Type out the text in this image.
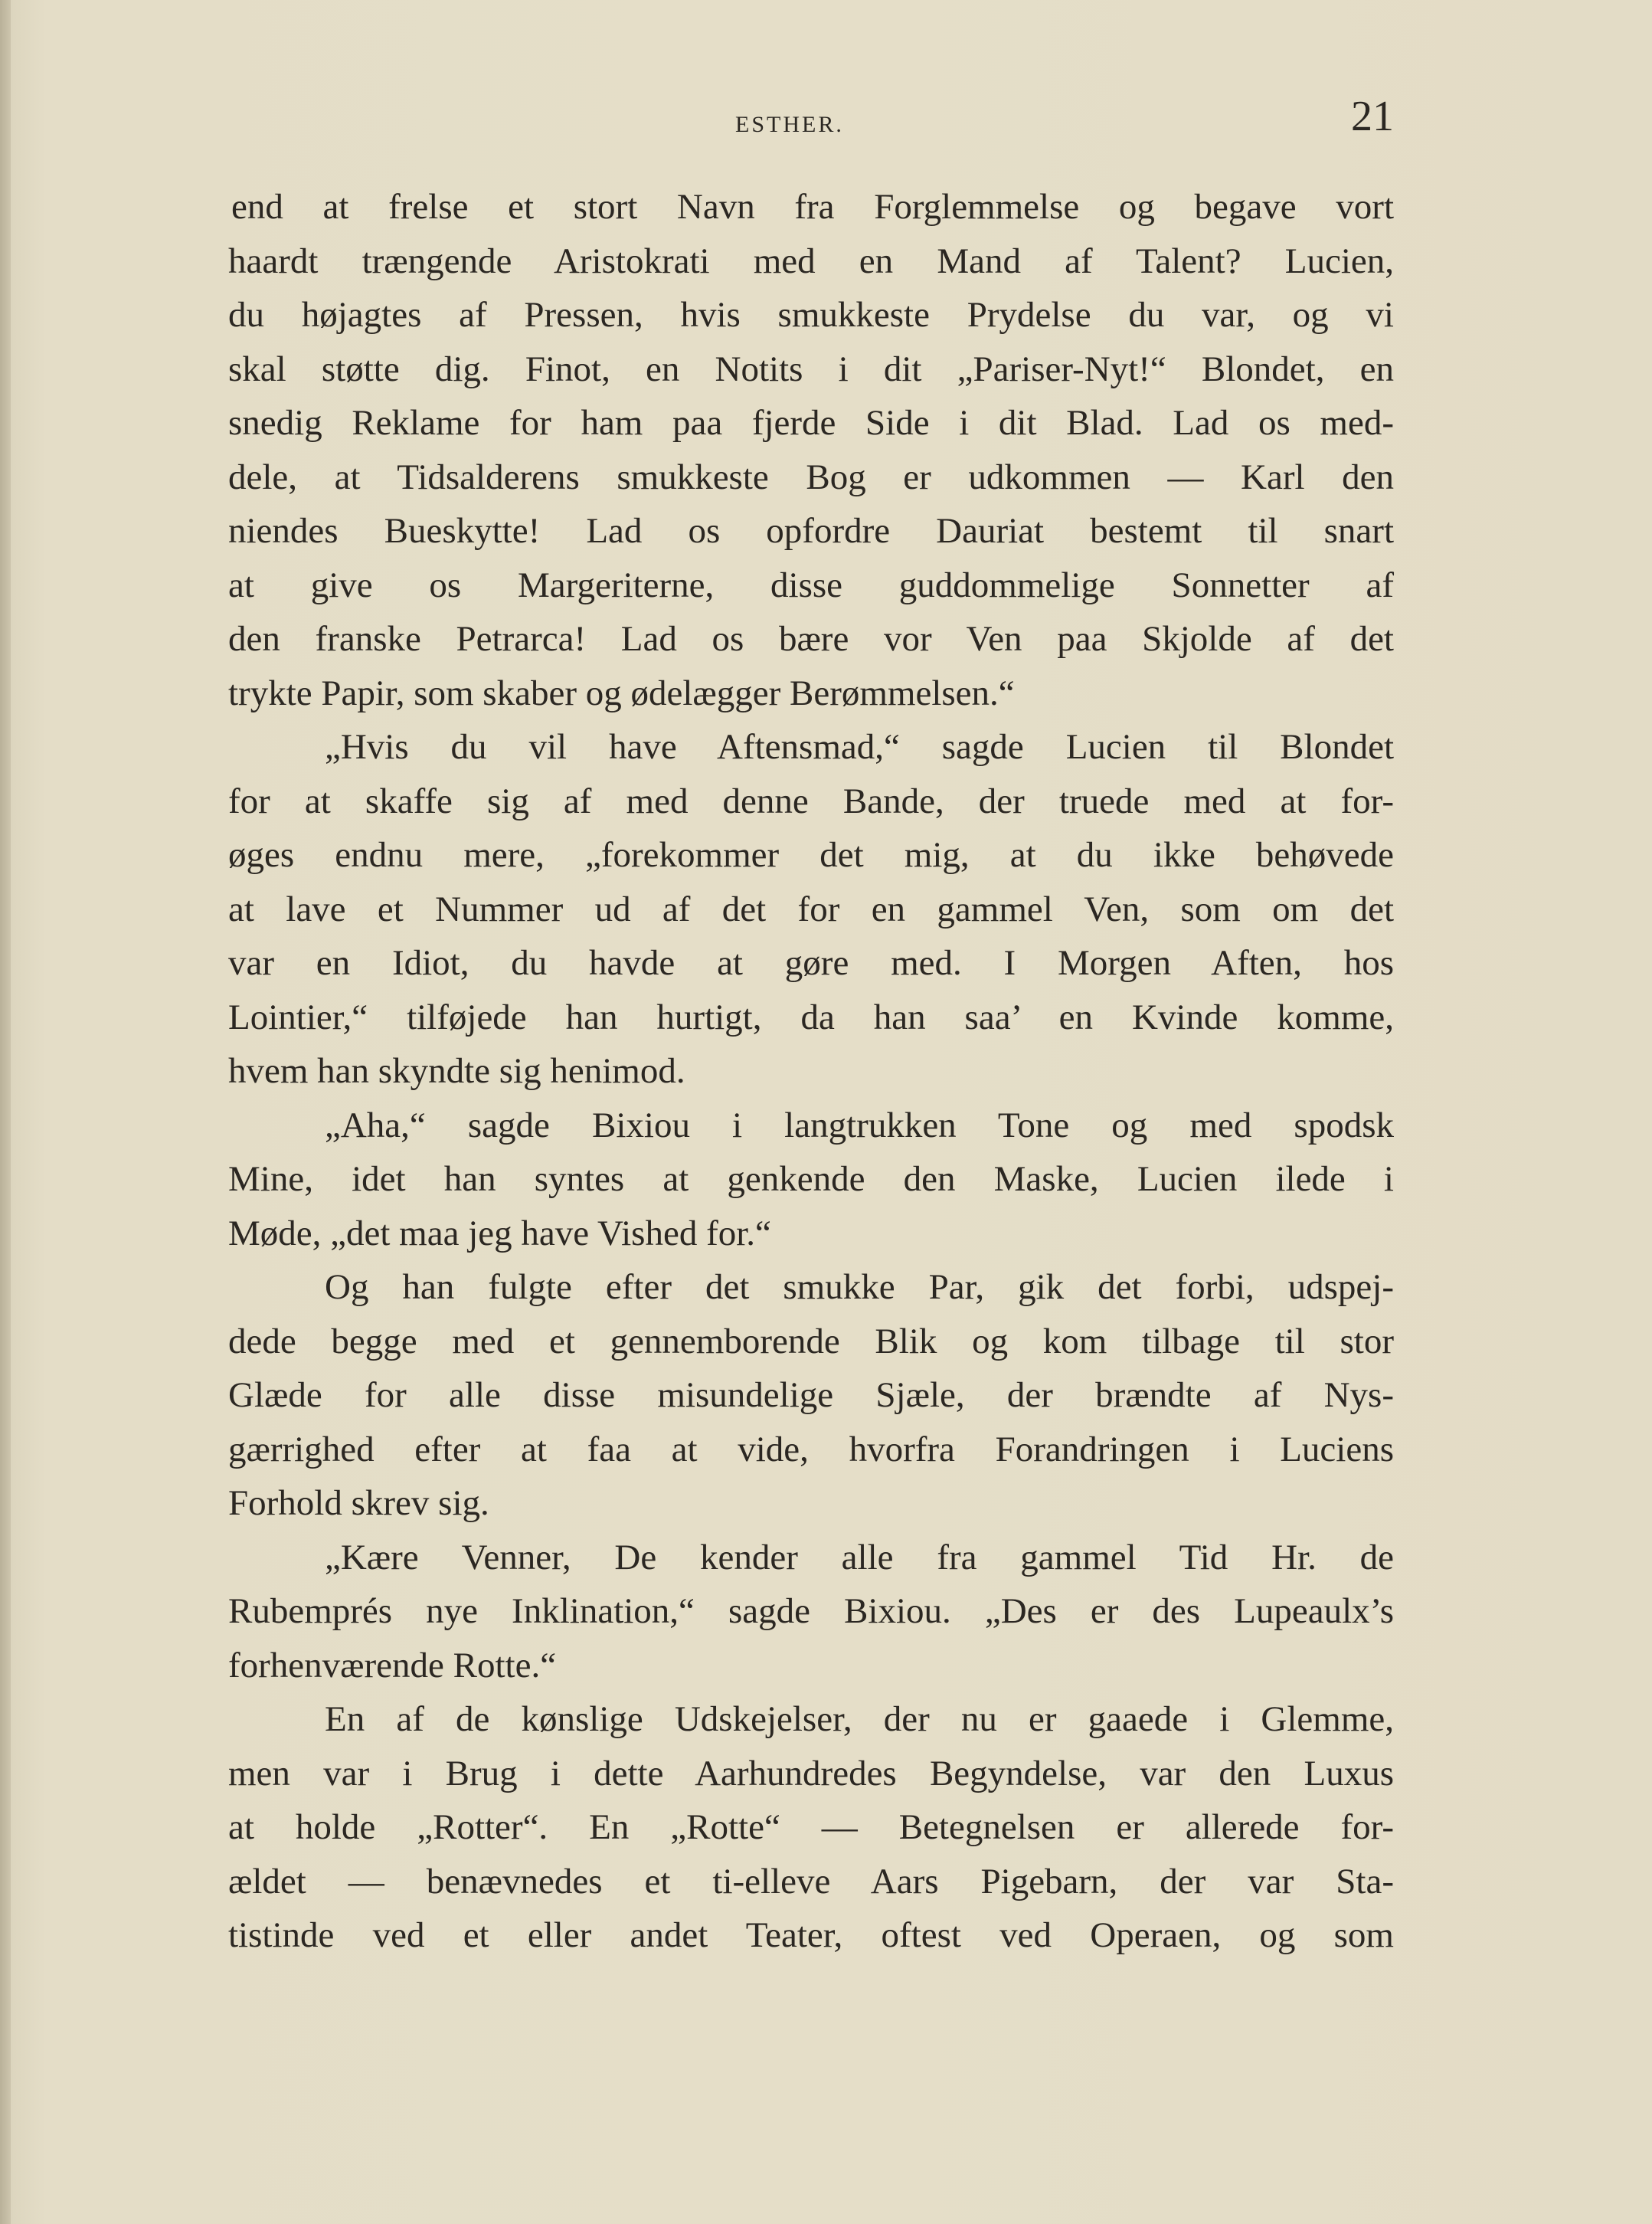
ESTHER.	21
end at frelse et stort Navn fra Forglemmelse og begave vort
haardt trængende Aristokrati med en Mand af Talent? Lucien,
du højagtes af Pressen, hvis smukkeste Prydelse du var, og vi
skal støtte dig. Finot, en Notits i dit „Pariser-Nyt!“ Blondet, en
snedig Reklame for ham paa fjerde Side i dit Blad. Lad os med-
dele, at Tidsalderens smukkeste Bog er udkommen — Karl den
niendes Bueskytte! Lad os opfordre Dauriat bestemt til snart
at give os Margeriterne, disse guddommelige Sonnetter af
den franske Petrarca! Lad os bære vor Ven paa Skjolde af det
trykte Papir, som skaber og ødelægger Berømmelsen.“
„Hvis du vil have Aftensmad,“ sagde Lucien til Blondet
for at skaffe sig af med denne Bande, der truede med at for-
øges endnu mere, „forekommer det mig, at du ikke behøvede
at lave et Nummer ud af det for en gammel Ven, som om det
var en Idiot, du havde at gøre med. I Morgen Aften, hos
Lointier,“ tilføjede han hurtigt, da han saa’ en Kvinde komme,
hvem han skyndte sig henimod.
„Aha,“ sagde Bixiou i langtrukken Tone og med spodsk
Mine, idet han syntes at genkende den Maske, Lucien ilede i
Møde, „det maa jeg have Vished for.“
Og han fulgte efter det smukke Par, gik det forbi, udspej-
dede begge med et gennemborende Blik og kom tilbage til stor
Glæde for alle disse misundelige Sjæle, der brændte af Nys-
gærrighed efter at faa at vide, hvorfra Forandringen i Luciens
Forhold skrev sig.
„Kære Venner, De kender alle fra gammel Tid Hr. de
Rubemprés nye Inklination,“ sagde Bixiou. „Des er des Lupeaulx’s
forhenværende Rotte.“
En af de kønslige Udskejelser, der nu er gaaede i Glemme,
men var i Brug i dette Aarhundredes Begyndelse, var den Luxus
at holde „Rotter“. En „Rotte“ — Betegnelsen er allerede for-
ældet — benævnedes et ti-elleve Aars Pigebarn, der var Sta-
tistinde ved et eller andet Teater, oftest ved Operaen, og som
